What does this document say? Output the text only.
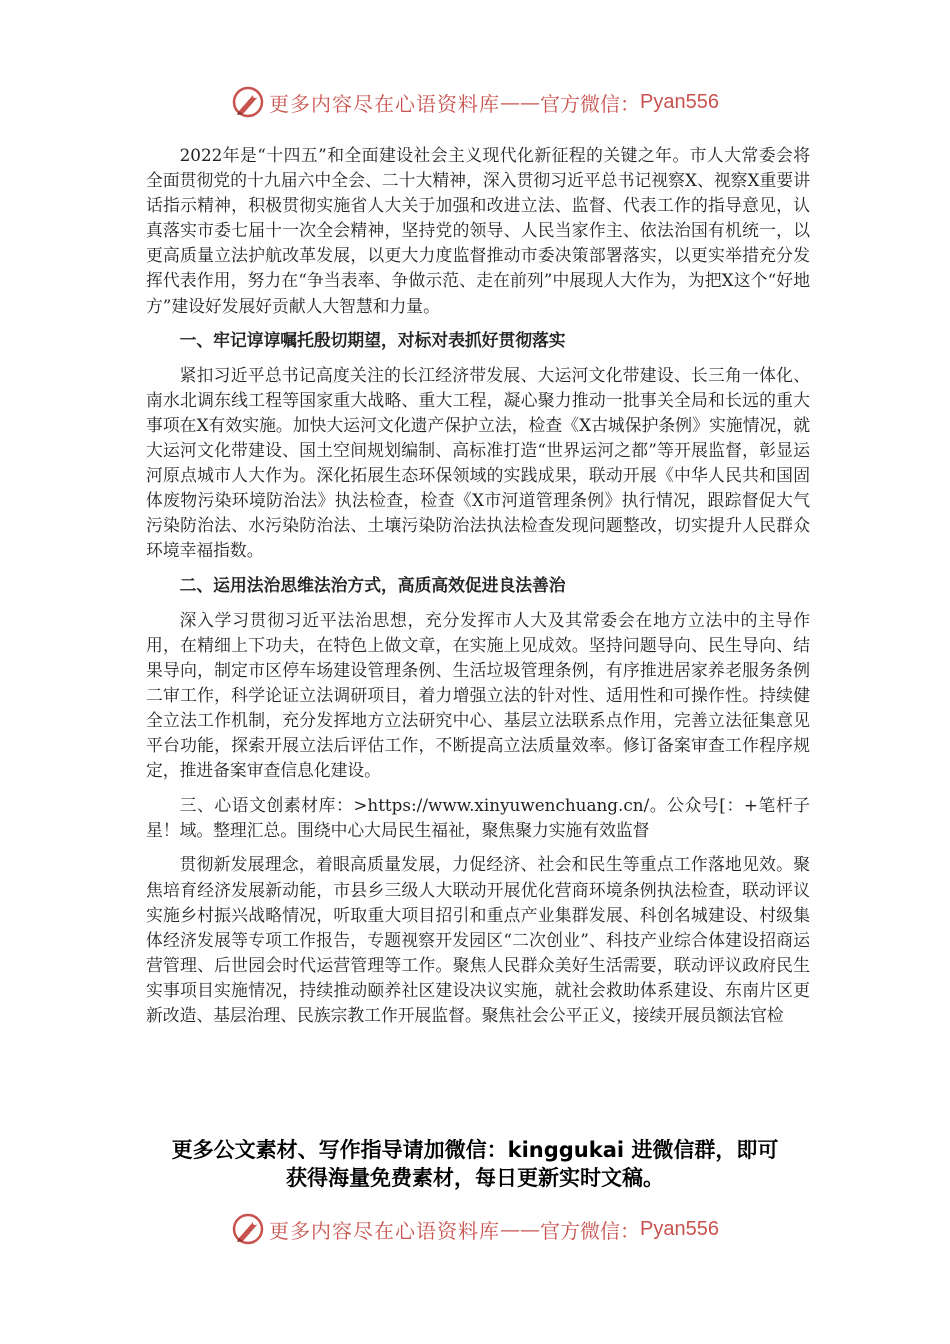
更多内容尽在心语资料库 —— 官方微信： Pyan556

2022年是“十四五”和全面建设社会主义现代化新征程的关键之年。市人大常委会将全面贯彻党的十九届六中全会、二十大精神，深入贯彻习近平总书记视察X、视察X重要讲话指示精神，积极贯彻实施省人大关于加强和改进立法、监督、代表工作的指导意见，认真落实市委七届十一次全会精神，坚持党的领导、人民当家作主、依法治国有机统一，以更高质量立法护航改革发展，以更大力度监督推动市委决策部署落实，以更实举措充分发挥代表作用，努力在“争当表率、争做示范、走在前列”中展现人大作为，为把X这个“好地方”建设好发展好贡献人大智慧和力量。

一、牢记谆谆嘱托殷切期望，对标对表抓好贯彻落实

紧扣习近平总书记高度关注的长江经济带发展、大运河文化带建设、长三角一体化、南水北调东线工程等国家重大战略、重大工程，凝心聚力推动一批事关全局和长远的重大事项在X有效实施。加快大运河文化遗产保护立法，检查《X古城保护条例》实施情况，就大运河文化带建设、国土空间规划编制、高标准打造“世界运河之都”等开展监督，彰显运河原点城市人大作为。深化拓展生态环保领域的实践成果，联动开展《中华人民共和国固体废物污染环境防治法》执法检查，检查《X市河道管理条例》执行情况，跟踪督促大气污染防治法、水污染防治法、土壤污染防治法执法检查发现问题整改，切实提升人民群众环境幸福指数。

二、运用法治思维法治方式，高质高效促进良法善治

深入学习贯彻习近平法治思想，充分发挥市人大及其常委会在地方立法中的主导作用，在精细上下功夫，在特色上做文章，在实施上见成效。坚持问题导向、民生导向、结果导向，制定市区停车场建设管理条例、生活垃圾管理条例，有序推进居家养老服务条例二审工作，科学论证立法调研项目，着力增强立法的针对性、适用性和可操作性。持续健全立法工作机制，充分发挥地方立法研究中心、基层立法联系点作用，完善立法征集意见平台功能，探索开展立法后评估工作，不断提高立法质量效率。修订备案审查工作程序规定，推进备案审查信息化建设。

三、心语文创素材库：>https://www.xinyuwenchuang.cn/。公众号[：+笔杆子星！域。整理汇总。围绕中心大局民生福祉，聚焦聚力实施有效监督

贯彻新发展理念，着眼高质量发展，力促经济、社会和民生等重点工作落地见效。聚焦培育经济发展新动能，市县乡三级人大联动开展优化营商环境条例执法检查，联动评议实施乡村振兴战略情况，听取重大项目招引和重点产业集群发展、科创名城建设、村级集体经济发展等专项工作报告，专题视察开发园区“二次创业”、科技产业综合体建设招商运营管理、后世园会时代运营管理等工作。聚焦人民群众美好生活需要，联动评议政府民生实事项目实施情况，持续推动颐养社区建设决议实施，就社会救助体系建设、东南片区更新改造、基层治理、民族宗教工作开展监督。聚焦社会公平正义，接续开展员额法官检

更多公文素材、写作指导请加微信：kinggukai 进微信群，即可
获得海量免费素材，每日更新实时文稿。
更多内容尽在心语资料库 —— 官方微信： Pyan556
